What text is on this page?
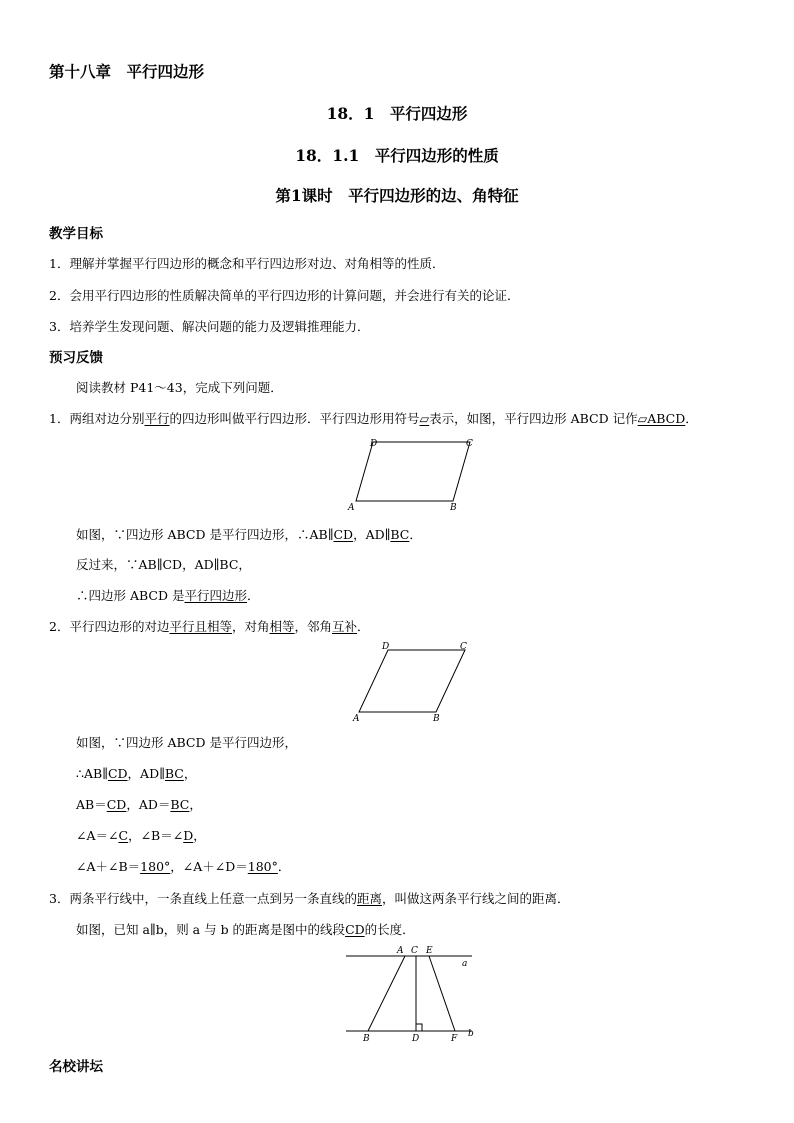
第十八章　平行四边形
18．1　平行四边形
18．1.1　平行四边形的性质
第1课时　平行四边形的边、角特征
教学目标
1．理解并掌握平行四边形的概念和平行四边形对边、对角相等的性质．
2．会用平行四边形的性质解决简单的平行四边形的计算问题，并会进行有关的论证．
3．培养学生发现问题、解决问题的能力及逻辑推理能力．
预习反馈
阅读教材 P41～43，完成下列问题．
1．两组对边分别平行的四边形叫做平行四边形．平行四边形用符号▱表示，如图，平行四边形 ABCD 记作▱ABCD．
D	C
A	B
如图，∵四边形 ABCD 是平行四边形，∴AB∥CD，AD∥BC．
反过来，∵AB∥CD，AD∥BC，
∴四边形 ABCD 是平行四边形．
2．平行四边形的对边平行且相等，对角相等，邻角互补．
D	C
A	B
如图，∵四边形 ABCD 是平行四边形，
∴AB∥CD，AD∥BC，
AB＝CD，AD＝BC，
∠A＝∠C，∠B＝∠D，
∠A＋∠B＝180°，∠A＋∠D＝180°．
3．两条平行线中，一条直线上任意一点到另一条直线的距离，叫做这两条平行线之间的距离．
如图，已知 a∥b，则 a 与 b 的距离是图中的线段CD的长度．
A C E
a
b
B	D	F
名校讲坛
